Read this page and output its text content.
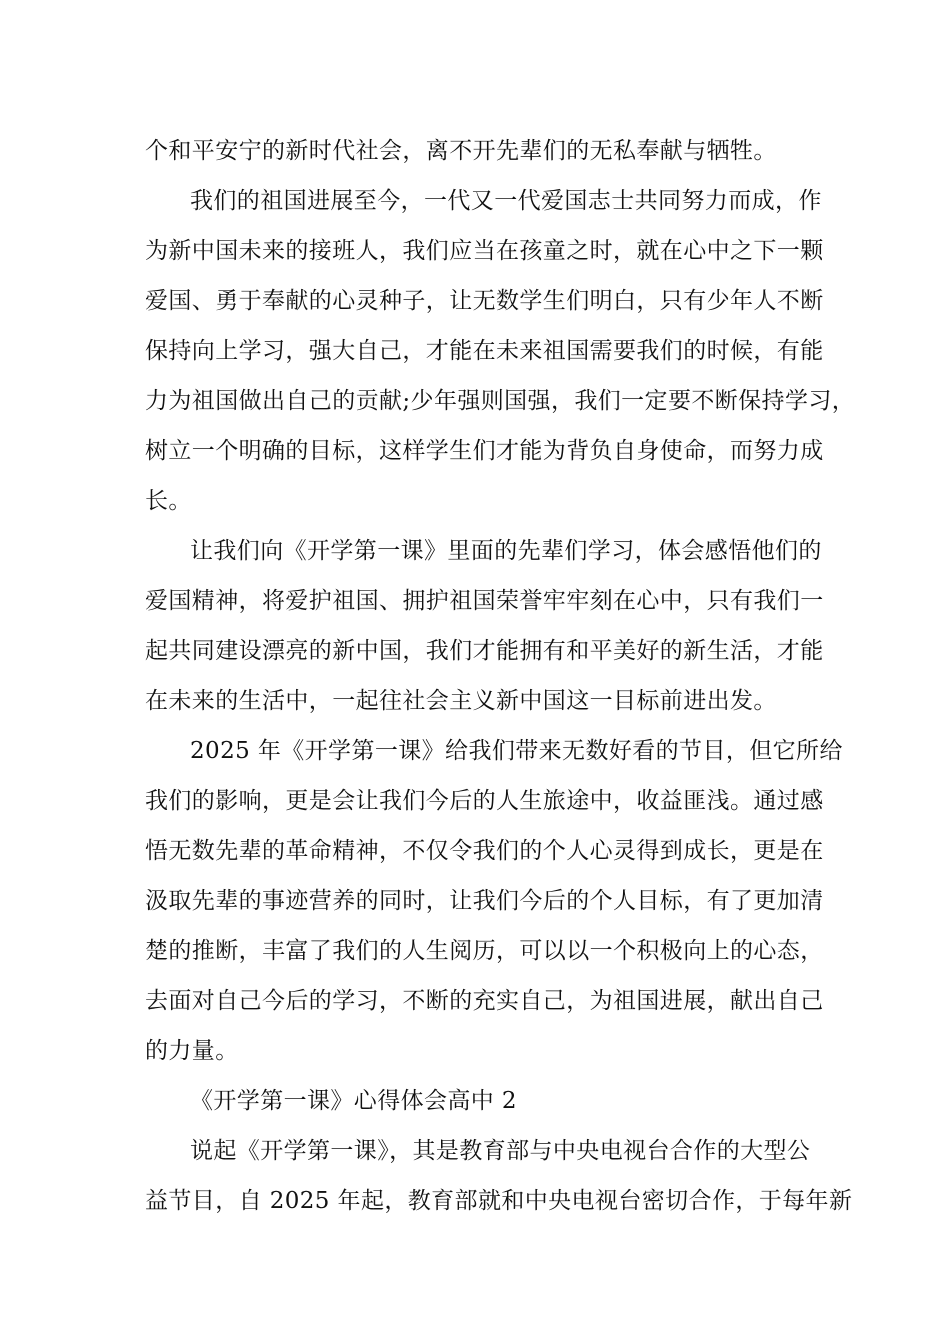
个和平安宁的新时代社会，离不开先辈们的无私奉献与牺牲。
我们的祖国进展至今，一代又一代爱国志士共同努力而成，作
为新中国未来的接班人，我们应当在孩童之时，就在心中之下一颗
爱国、勇于奉献的心灵种子，让无数学生们明白，只有少年人不断
保持向上学习，强大自己，才能在未来祖国需要我们的时候，有能
力为祖国做出自己的贡献;少年强则国强，我们一定要不断保持学习，
树立一个明确的目标，这样学生们才能为背负自身使命，而努力成
长。
让我们向《开学第一课》里面的先辈们学习，体会感悟他们的
爱国精神，将爱护祖国、拥护祖国荣誉牢牢刻在心中，只有我们一
起共同建设漂亮的新中国，我们才能拥有和平美好的新生活，才能
在未来的生活中，一起往社会主义新中国这一目标前进出发。
2025 年《开学第一课》给我们带来无数好看的节目，但它所给
我们的影响，更是会让我们今后的人生旅途中，收益匪浅。通过感
悟无数先辈的革命精神，不仅令我们的个人心灵得到成长，更是在
汲取先辈的事迹营养的同时，让我们今后的个人目标，有了更加清
楚的推断，丰富了我们的人生阅历，可以以一个积极向上的心态，
去面对自己今后的学习，不断的充实自己，为祖国进展，献出自己
的力量。
《开学第一课》心得体会高中 2
说起《开学第一课》，其是教育部与中央电视台合作的大型公
益节目，自 2025 年起，教育部就和中央电视台密切合作，于每年新
